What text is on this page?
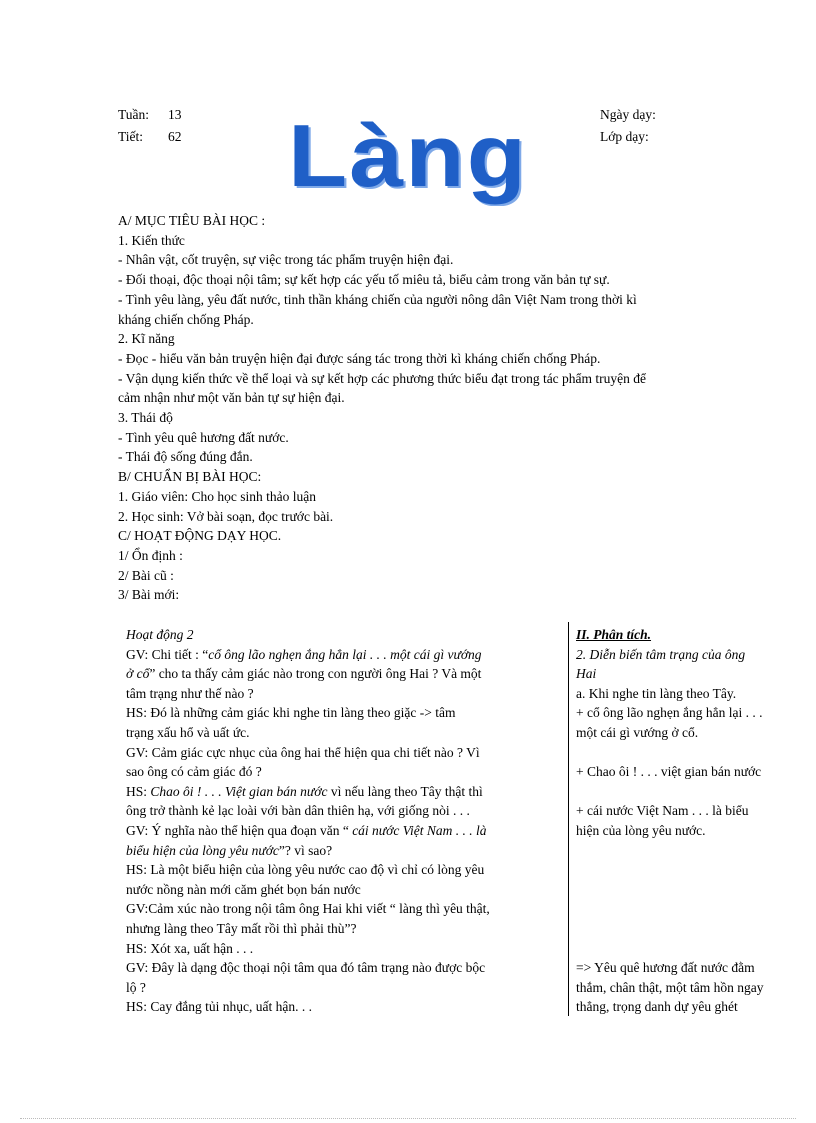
Tuần: 13
Tiết: 62
Ngày dạy:
Lớp dạy:
Làng
A/ MỤC TIÊU BÀI HỌC :
1. Kiến thức
- Nhân vật, cốt truyện, sự việc trong tác phẩm truyện hiện đại.
- Đối thoại, độc thoại nội tâm; sự kết hợp các yếu tố miêu tả, biểu cảm trong văn bản tự sự.
- Tình yêu làng, yêu đất nước, tinh thần kháng chiến của người nông dân Việt Nam trong thời kì
kháng chiến chống Pháp.
2. Kĩ năng
- Đọc - hiểu văn bản truyện hiện đại được sáng tác trong thời kì kháng chiến chống Pháp.
- Vận dụng kiến thức về thể loại và sự kết hợp các phương thức biểu đạt trong tác phẩm truyện để
cảm nhận như một văn bản tự sự hiện đại.
3. Thái độ
- Tình yêu quê hương đất nước.
- Thái độ sống đúng đắn.
B/ CHUẨN BỊ BÀI HỌC:
1. Giáo viên: Cho học sinh thảo luận
2. Học sinh: Vở bài soạn, đọc trước bài.
C/ HOẠT ĐỘNG DẠY HỌC.
1/ Ổn định :
2/ Bài cũ :
3/ Bài mới:
Hoạt động 2
GV: Chi tiết : “cổ ông lão nghẹn ắng hẳn lại . . . một cái gì vướng
ở cổ” cho ta thấy cảm giác nào trong con người ông Hai ? Và một
tâm trạng như thế nào ?
HS: Đó là những cảm giác khi nghe tin làng theo giặc -> tâm
trạng xấu hổ và uất ức.
GV: Cảm giác cực nhục của ông hai thể hiện qua chi tiết nào ? Vì
sao ông có cảm giác đó ?
HS: Chao ôi ! . . . Việt gian bán nước vì nếu làng theo Tây thật thì
ông trở thành kẻ lạc loài với bàn dân thiên hạ, với giống nòi . . .
GV: Ý nghĩa nào thể hiện qua đoạn văn “ cái nước Việt Nam . . . là
biểu hiện của lòng yêu nước”? vì sao?
HS: Là một biểu hiện của lòng yêu nước cao độ vì chỉ có lòng yêu
nước nồng nàn mới căm ghét bọn bán nước
GV:Cảm xúc nào trong nội tâm ông Hai khi viết “ làng thì yêu thật,
nhưng làng theo Tây mất rồi thì phải thù”?
HS: Xót xa, uất hận . . .
GV: Đây là dạng độc thoại nội tâm qua đó tâm trạng nào được bộc
lộ ?
HS: Cay đắng tủi nhục, uất hận. . .
II. Phân tích.
2. Diễn biến tâm trạng của ông
Hai
a. Khi nghe tin làng theo Tây.
+ cổ ông lão nghẹn ắng hẳn lại . . .
một cái gì vướng ở cổ.

+ Chao ôi ! . . . việt gian bán nước

+ cái nước Việt Nam . . . là biểu
hiện của lòng yêu nước.

=> Yêu quê hương đất nước đằm
thắm, chân thật, một tâm hồn ngay
thẳng, trọng danh dự yêu ghét
